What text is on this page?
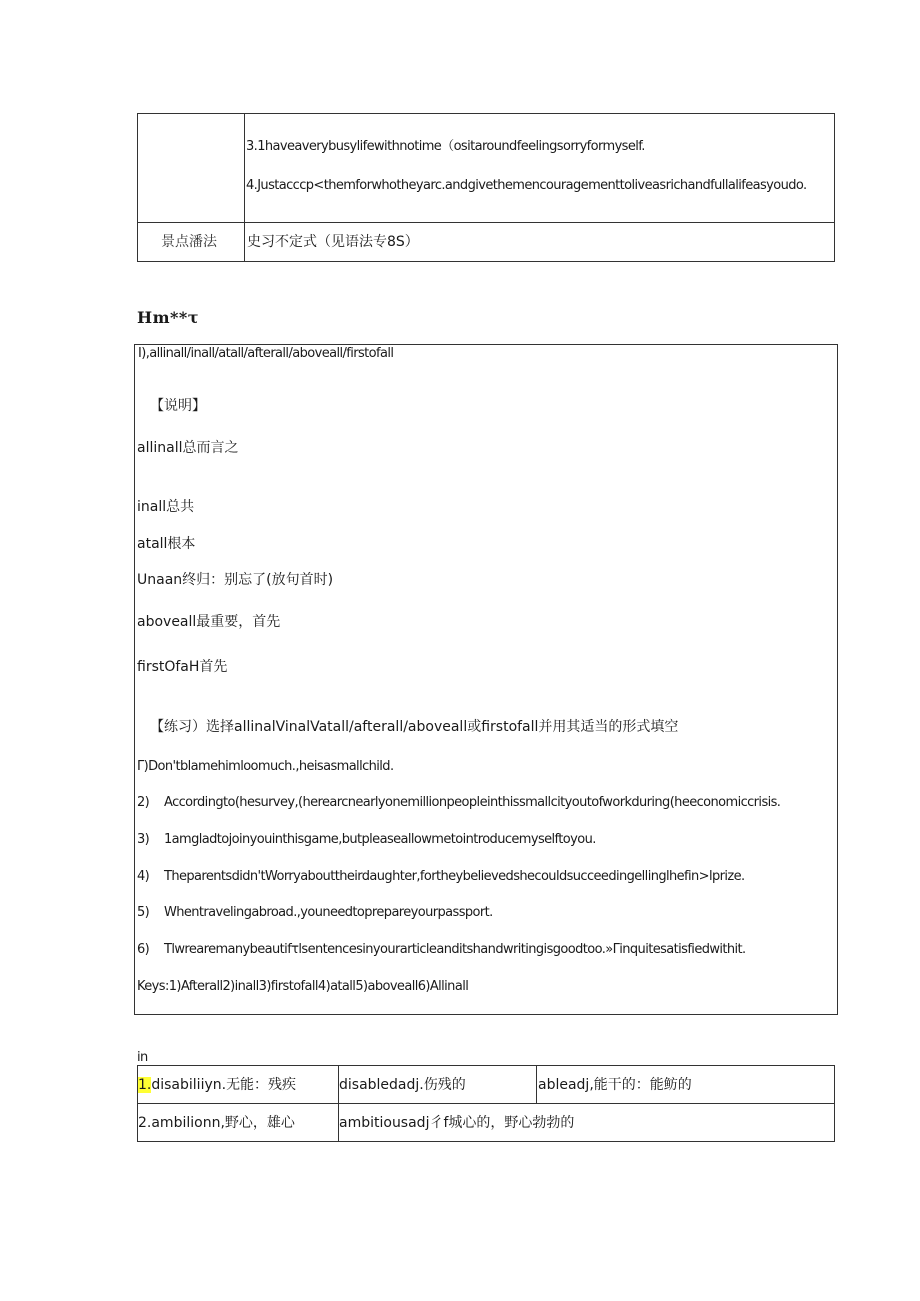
3.1haveaverybusylifewithnotime（ositaroundfeelingsorryformyself.
4.Justacccp<themforwhotheyarc.andgivethemencouragementtoliveasrichandfullalifeasyoudo.
景点潘法 史习不定式（见语法专8S）
Hm**τ
I),allinall/inall/atall/afterall/aboveall/firstofall
【说明】
allinall总而言之
inall总共
atall根本
Unaan终归：别忘了(放句首时)
aboveall最重要，首先
firstOfaH首先
【练习）选择allinalVinalVatall/afterall/aboveall或firstofall并用其适当的形式填空
Γ)Don'tblamehimloomuch.,heisasmallchild.
2) Accordingto(hesurvey,(herearcnearlyonemillionpeopleinthissmallcityoutofworkduring(heeconomiccrisis.
3) 1amgladtojoinyouinthisgame,butpleaseallowmetointroducemyselftoyou.
4) Theparentsdidn'tWorryabouttheirdaughter,fortheybelievedshecouldsucceedingellinglhefin>lprize.
5) Whentravelingabroad.,youneedtoprepareyourpassport.
6) Tlwrearemanybeautifτlsentencesinyourarticleanditshandwritingisgoodtoo.»Γinquitesatisfiedwithit.
Keys:1)Afterall2)inall3)firstofall4)atall5)aboveall6)Allinall
in
1.disabiliiyn.无能：残疾	disabledadj.伤残的	ableadj,能干的：能鲂的
2.ambilionn,野心，雄心	ambitiousadj彳f城心的，野心勃勃的
